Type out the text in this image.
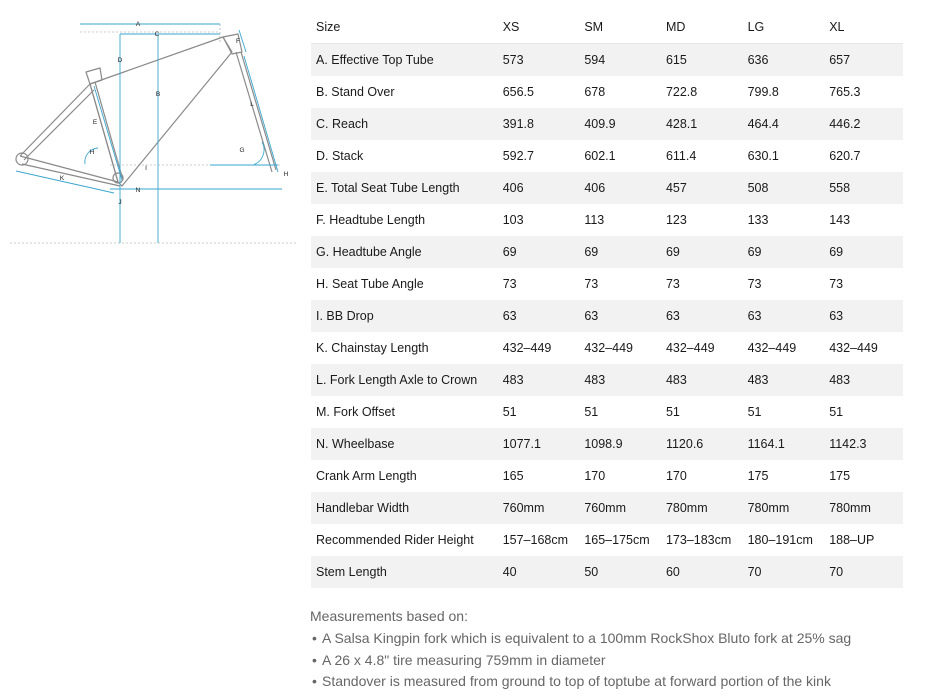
A
C
D
B
F
L
E
H	G
I
H
K
N
J
Size	XS	SM	MD	LG	XL
A. Effective Top Tube	573	594	615	636	657
B. Stand Over	656.5	678	722.8	799.8	765.3
C. Reach	391.8	409.9	428.1	464.4	446.2
D. Stack	592.7	602.1	611.4	630.1	620.7
E. Total Seat Tube Length	406	406	457	508	558
F. Headtube Length	103	113	123	133	143
G. Headtube Angle	69	69	69	69	69
H. Seat Tube Angle	73	73	73	73	73
I. BB Drop	63	63	63	63	63
K. Chainstay Length	432–449	432–449	432–449	432–449	432–449
L. Fork Length Axle to Crown	483	483	483	483	483
M. Fork Offset	51	51	51	51	51
N. Wheelbase	1077.1	1098.9	1120.6	1164.1	1142.3
Crank Arm Length	165	170	170	175	175
Handlebar Width	760mm	760mm	780mm	780mm	780mm
Recommended Rider Height	157–168cm	165–175cm	173–183cm	180–191cm	188–UP
Stem Length	40	50	60	70	70
Measurements based on:
• A Salsa Kingpin fork which is equivalent to a 100mm RockShox Bluto fork at 25% sag
• A 26 x 4.8" tire measuring 759mm in diameter
• Standover is measured from ground to top of toptube at forward portion of the kink
